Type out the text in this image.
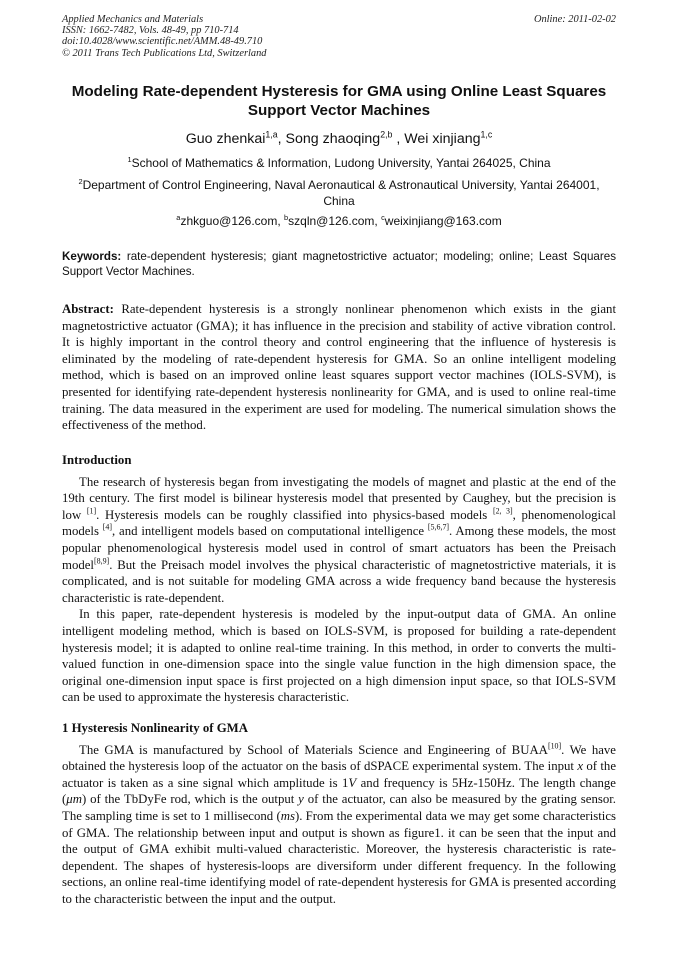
Applied Mechanics and Materials
ISSN: 1662-7482, Vols. 48-49, pp 710-714
doi:10.4028/www.scientific.net/AMM.48-49.710
© 2011 Trans Tech Publications Ltd, Switzerland
Online: 2011-02-02
Modeling Rate-dependent Hysteresis for GMA using Online Least Squares Support Vector Machines
Guo zhenkai$^{1,a}$, Song zhaoqing$^{2,b}$ , Wei xinjiang$^{1,c}$
$^1$School of Mathematics & Information, Ludong University, Yantai 264025, China
$^2$Department of Control Engineering, Naval Aeronautical & Astronautical University, Yantai 264001, China
$^a$zhkguo@126.com, $^b$szqln@126.com, $^c$weixinjiang@163.com
Keywords: rate-dependent hysteresis; giant magnetostrictive actuator; modeling; online; Least Squares Support Vector Machines.

Abstract: Rate-dependent hysteresis is a strongly nonlinear phenomenon which exists in the giant magnetostrictive actuator (GMA); it has influence in the precision and stability of active vibration control. It is highly important in the control theory and control engineering that the influence of hysteresis is eliminated by the modeling of rate-dependent hysteresis for GMA. So an online intelligent modeling method, which is based on an improved online least squares support vector machines (IOLS-SVM), is presented for identifying rate-dependent hysteresis nonlinearity for GMA, and is used to online real-time training. The data measured in the experiment are used for modeling. The numerical simulation shows the effectiveness of the method.

Introduction

The research of hysteresis began from investigating the models of magnet and plastic at the end of the 19th century. The first model is bilinear hysteresis model that presented by Caughey, but the precision is low [1]. Hysteresis models can be roughly classified into physics-based models [2, 3], phenomenological models [4], and intelligent models based on computational intelligence [5,6,7]. Among these models, the most popular phenomenological hysteresis model used in control of smart actuators has been the Preisach model[8,9]. But the Preisach model involves the physical characteristic of magnetostrictive materials, it is complicated, and is not suitable for modeling GMA across a wide frequency band because the hysteresis characteristic is rate-dependent.

In this paper, rate-dependent hysteresis is modeled by the input-output data of GMA. An online intelligent modeling method, which is based on IOLS-SVM, is proposed for building a rate-dependent hysteresis model; it is adapted to online real-time training. In this method, in order to converts the multi-valued function in one-dimension space into the single value function in the high dimension space, the original one-dimension input space is first projected on a high dimension input space, so that IOLS-SVM can be used to approximate the hysteresis characteristic.

1 Hysteresis Nonlinearity of GMA

The GMA is manufactured by School of Materials Science and Engineering of BUAA[10]. We have obtained the hysteresis loop of the actuator on the basis of dSPACE experimental system. The input x of the actuator is taken as a sine signal which amplitude is 1V and frequency is 5Hz-150Hz. The length change (μm) of the TbDyFe rod, which is the output y of the actuator, can also be measured by the grating sensor. The sampling time is set to 1 millisecond (ms). From the experimental data we may get some characteristics of GMA. The relationship between input and output is shown as figure1. it can be seen that the input and the output of GMA exhibit multi-valued characteristic. Moreover, the hysteresis characteristic is rate-dependent. The shapes of hysteresis-loops are diversiform under different frequency. In the following sections, an online real-time identifying model of rate-dependent hysteresis for GMA is presented according to the characteristic between the input and the output.
